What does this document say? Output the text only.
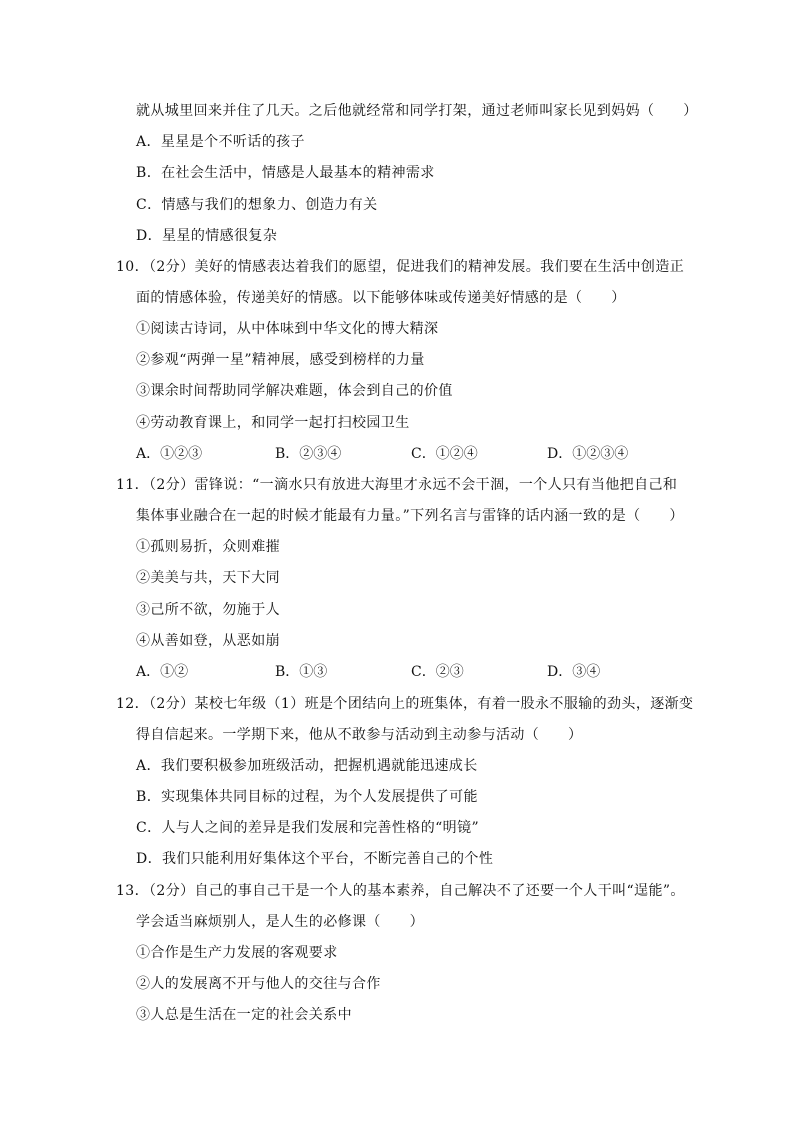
就从城里回来并住了几天。之后他就经常和同学打架，通过老师叫家长见到妈妈（　　）
A．星星是个不听话的孩子
B．在社会生活中，情感是人最基本的精神需求
C．情感与我们的想象力、创造力有关
D．星星的情感很复杂
10．（2分）美好的情感表达着我们的愿望，促进我们的精神发展。我们要在生活中创造正
面的情感体验，传递美好的情感。以下能够体味或传递美好情感的是（　　）
①阅读古诗词，从中体味到中华文化的博大精深
②参观“两弹一星”精神展，感受到榜样的力量
③课余时间帮助同学解决难题，体会到自己的价值
④劳动教育课上，和同学一起打扫校园卫生
A．①②③	B．②③④	C．①②④	D．①②③④
11．（2分）雷锋说：“一滴水只有放进大海里才永远不会干涸，一个人只有当他把自己和
集体事业融合在一起的时候才能最有力量。”下列名言与雷锋的话内涵一致的是（　　）
①孤则易折，众则难摧
②美美与共，天下大同
③己所不欲，勿施于人
④从善如登，从恶如崩
A．①②	B．①③	C．②③	D．③④
12．（2分）某校七年级（1）班是个团结向上的班集体，有着一股永不服输的劲头，逐渐变
得自信起来。一学期下来，他从不敢参与活动到主动参与活动（　　）
A．我们要积极参加班级活动，把握机遇就能迅速成长
B．实现集体共同目标的过程，为个人发展提供了可能
C．人与人之间的差异是我们发展和完善性格的“明镜”
D．我们只能利用好集体这个平台，不断完善自己的个性
13．（2分）自己的事自己干是一个人的基本素养，自己解决不了还要一个人干叫“逞能”。
学会适当麻烦别人，是人生的必修课（　　）
①合作是生产力发展的客观要求
②人的发展离不开与他人的交往与合作
③人总是生活在一定的社会关系中
